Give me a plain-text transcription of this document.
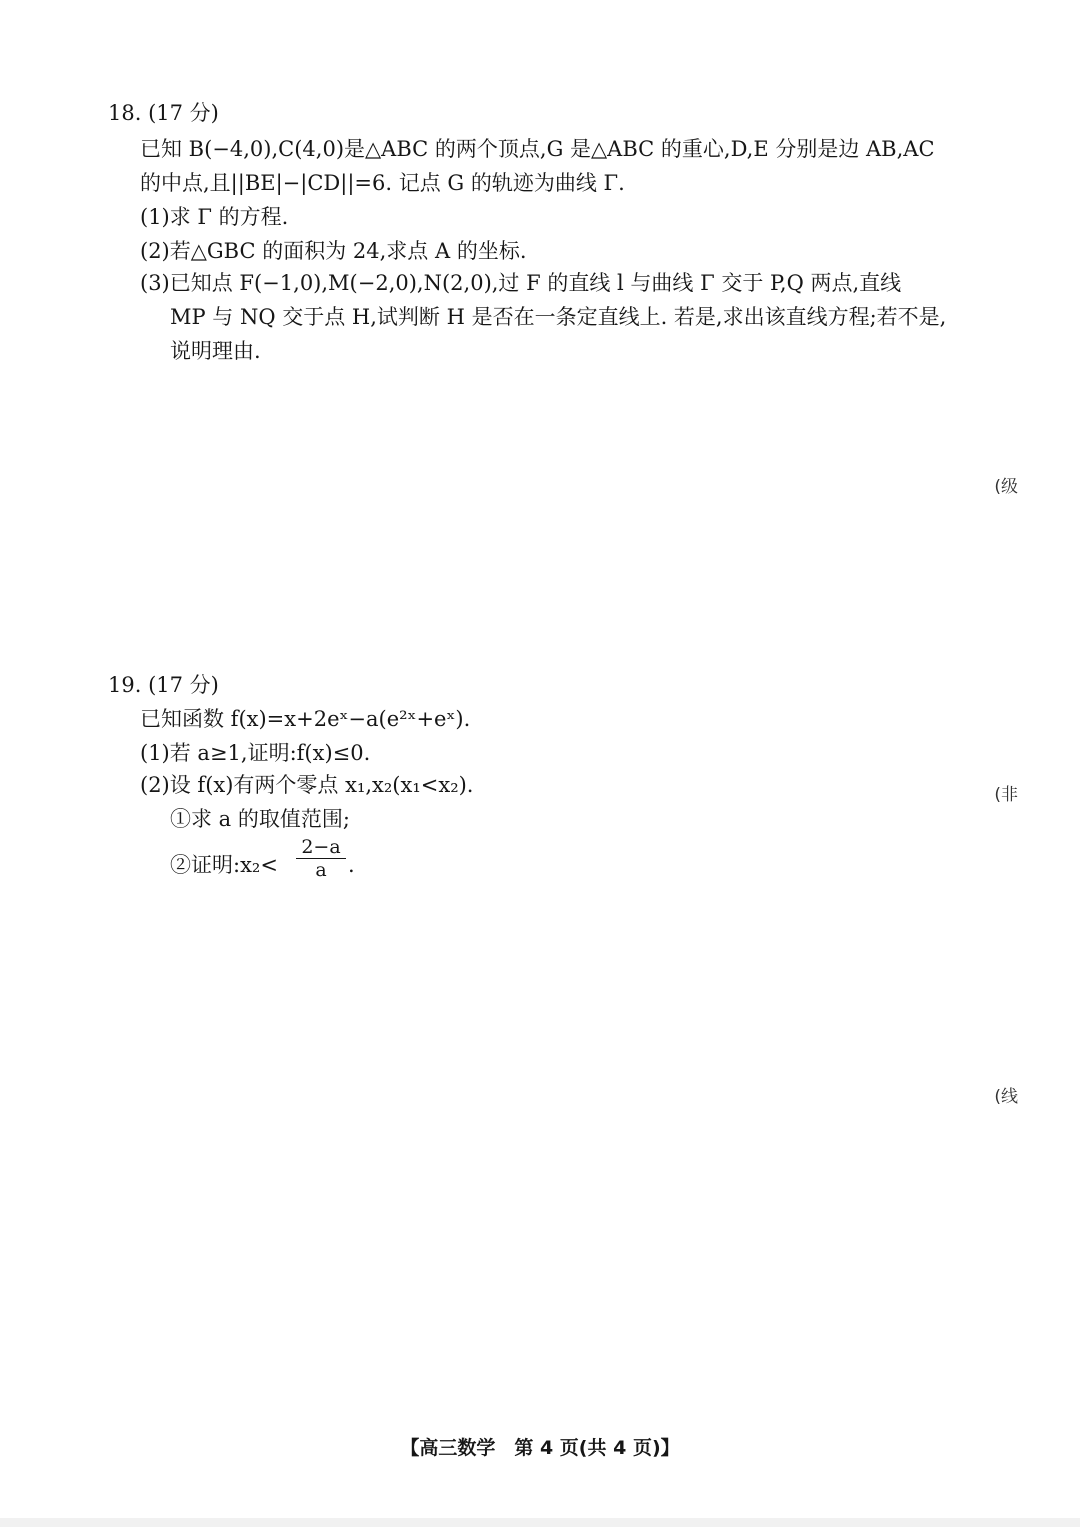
18. (17 分)
已知 B(−4,0),C(4,0)是△ABC 的两个顶点,G 是△ABC 的重心,D,E 分别是边 AB,AC
的中点,且||BE|−|CD||=6. 记点 G 的轨迹为曲线 Γ.
(1)求 Γ 的方程.
(2)若△GBC 的面积为 24,求点 A 的坐标.
(3)已知点 F(−1,0),M(−2,0),N(2,0),过 F 的直线 l 与曲线 Γ 交于 P,Q 两点,直线
MP 与 NQ 交于点 H,试判断 H 是否在一条定直线上. 若是,求出该直线方程;若不是,
说明理由.
19. (17 分)
已知函数 f(x)=x+2eˣ−a(e²ˣ+eˣ).
(1)若 a≥1,证明:f(x)≤0.
(2)设 f(x)有两个零点 x₁,x₂(x₁<x₂).
①求 a 的取值范围;
②证明:x₂< $\frac{2-a}{a}$ .
(级
(非
(线
【高三数学　第 4 页(共 4 页)】
